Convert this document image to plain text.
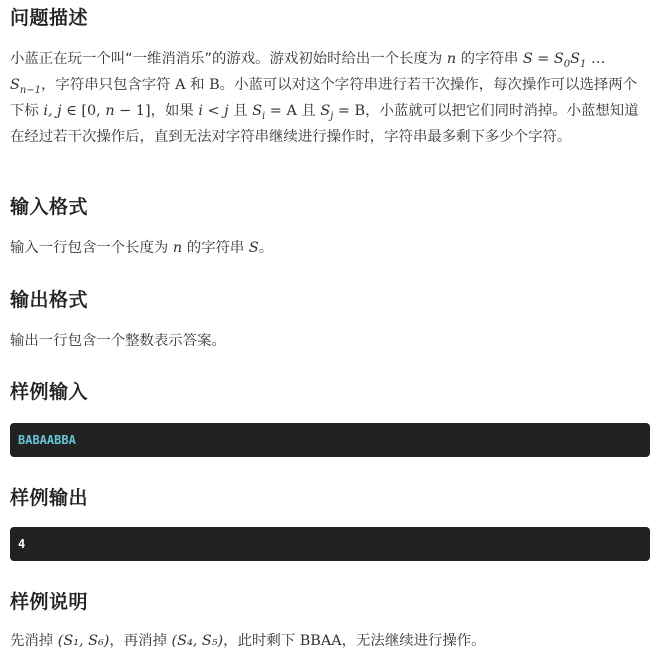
问题描述

小蓝正在玩一个叫“一维消消乐”的游戏。游戏初始时给出一个长度为 n 的字符串 $S = S_0S_1$ … $S_{n-1}$，字符串只包含字符 A 和 B。小蓝可以对这个字符串进行若干次操作，每次操作可以选择两个下标 i, j ∈ [0, n − 1]，如果 i < j 且 $S_i = A$ 且 $S_j = B$，小蓝就可以把它们同时消掉。小蓝想知道在经过若干次操作后，直到无法对字符串继续进行操作时，字符串最多剩下多少个字符。

输入格式

输入一行包含一个长度为 n 的字符串 S。

输出格式

输出一行包含一个整数表示答案。

样例输入
BABAABBA
样例输出
4
样例说明

先消掉 (S₁, S₆)，再消掉 (S₄, S₅)，此时剩下 BBAA，无法继续进行操作。
